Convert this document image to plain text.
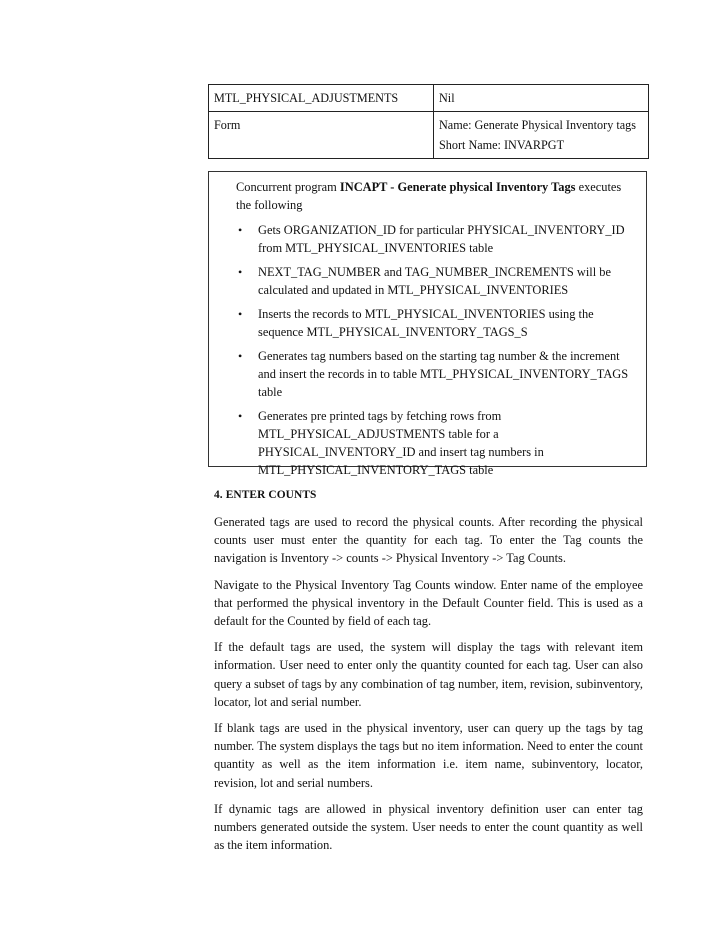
MTL_PHYSICAL_ADJUSTMENTS	Nil
Form	Name: Generate Physical Inventory tags
Short Name: INVARPGT

Concurrent program INCAPT - Generate physical Inventory Tags executes the following

• Gets ORGANIZATION_ID for particular PHYSICAL_INVENTORY_ID from MTL_PHYSICAL_INVENTORIES table
• NEXT_TAG_NUMBER and TAG_NUMBER_INCREMENTS will be calculated and updated in MTL_PHYSICAL_INVENTORIES
• Inserts the records to MTL_PHYSICAL_INVENTORIES using the sequence MTL_PHYSICAL_INVENTORY_TAGS_S
• Generates tag numbers based on the starting tag number & the increment and insert the records in to table MTL_PHYSICAL_INVENTORY_TAGS table
• Generates pre printed tags by fetching rows from MTL_PHYSICAL_ADJUSTMENTS table for a PHYSICAL_INVENTORY_ID and insert tag numbers in MTL_PHYSICAL_INVENTORY_TAGS table
4. ENTER COUNTS

Generated tags are used to record the physical counts. After recording the physical counts user must enter the quantity for each tag. To enter the Tag counts the navigation is Inventory -> counts -> Physical Inventory -> Tag Counts.

Navigate to the Physical Inventory Tag Counts window. Enter name of the employee that performed the physical inventory in the Default Counter field. This is used as a default for the Counted by field of each tag.

If the default tags are used, the system will display the tags with relevant item information. User need to enter only the quantity counted for each tag. User can also query a subset of tags by any combination of tag number, item, revision, subinventory, locator, lot and serial number.

If blank tags are used in the physical inventory, user can query up the tags by tag number. The system displays the tags but no item information. Need to enter the count quantity as well as the item information i.e. item name, subinventory, locator, revision, lot and serial numbers.

If dynamic tags are allowed in physical inventory definition user can enter tag numbers generated outside the system. User needs to enter the count quantity as well as the item information.
